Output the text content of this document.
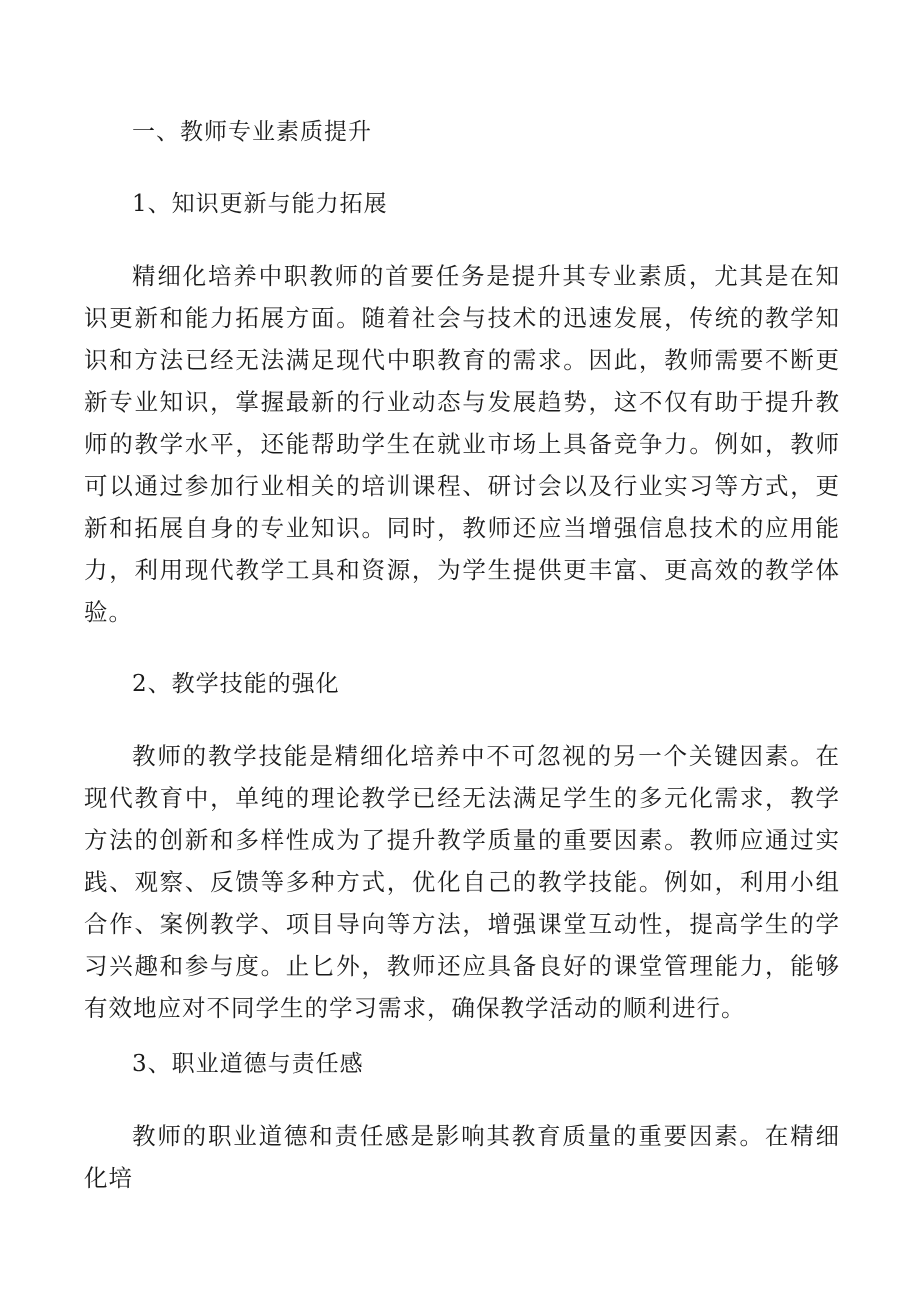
一、教师专业素质提升
1、知识更新与能力拓展

精细化培养中职教师的首要任务是提升其专业素质，尤其是在知识更新和能力拓展方面。随着社会与技术的迅速发展，传统的教学知识和方法已经无法满足现代中职教育的需求。因此，教师需要不断更新专业知识，掌握最新的行业动态与发展趋势，这不仅有助于提升教师的教学水平，还能帮助学生在就业市场上具备竞争力。例如，教师可以通过参加行业相关的培训课程、研讨会以及行业实习等方式，更新和拓展自身的专业知识。同时，教师还应当增强信息技术的应用能力，利用现代教学工具和资源，为学生提供更丰富、更高效的教学体验。

2、教学技能的强化

教师的教学技能是精细化培养中不可忽视的另一个关键因素。在现代教育中，单纯的理论教学已经无法满足学生的多元化需求，教学方法的创新和多样性成为了提升教学质量的重要因素。教师应通过实践、观察、反馈等多种方式，优化自己的教学技能。例如，利用小组合作、案例教学、项目导向等方法，增强课堂互动性，提高学生的学习兴趣和参与度。止匕外，教师还应具备良好的课堂管理能力，能够有效地应对不同学生的学习需求，确保教学活动的顺利进行。

3、职业道德与责任感

教师的职业道德和责任感是影响其教育质量的重要因素。在精细化培
